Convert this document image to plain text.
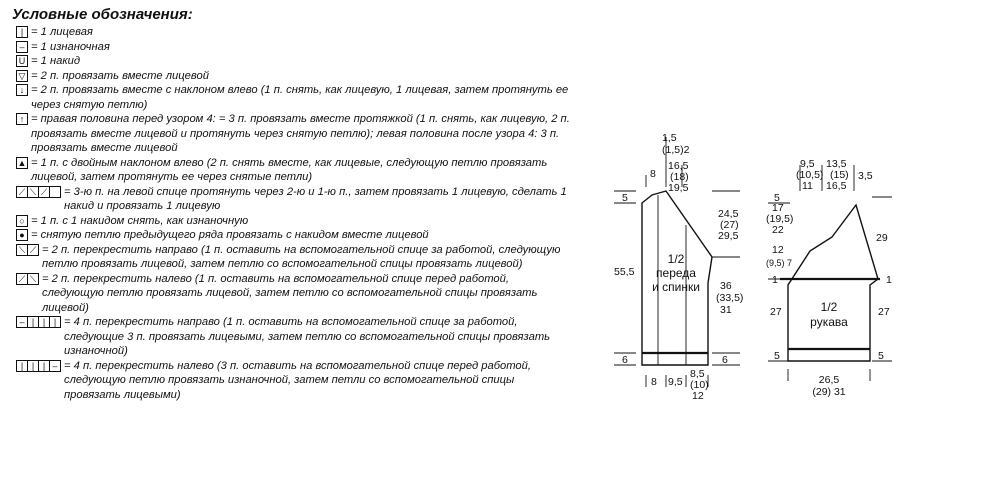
Условные обозначения:
| = 1 лицевая
– = 1 изнаночная
U = 1 накид
▽ = 2 п. провязать вместе лицевой
↓ = 2 п. провязать вместе с наклоном влево (1 п. снять, как лицевую, 1 лицевая, затем протянуть ее через снятую петлю)
↑ = правая половина перед узором 4: = 3 п. провязать вместе протяжкой (1 п. снять, как лицевую, 2 п. провязать вместе лицевой и протянуть через снятую петлю); левая половина после узора 4: 3 п. провязать вместе лицевой
▲ = 1 п. с двойным наклоном влево (2 п. снять вместе, как лицевые, следующую петлю провязать лицевой, затем протянуть ее через снятые петли)
⟋ ⟍ ⟋ = 3-ю п. на левой спице протянуть через 2-ю и 1-ю п., затем провязать 1 лицевую, сделать 1 накид и провязать 1 лицевую
○ = 1 п. с 1 накидом снять, как изнаночную
● = снятую петлю предыдущего ряда провязать с накидом вместе лицевой
⟍ ⟋ = 2 п. перекрестить направо (1 п. оставить на вспомогательной спице за работой, следующую петлю провязать лицевой, затем петлю со вспомогательной спицы провязать лицевой)
⟋ ⟍ = 2 п. перекрестить налево (1 п. оставить на вспомогательной спице перед работой, следующую петлю провязать лицевой, затем петлю со вспомогательной спицы провязать лицевой)
– | | | = 4 п. перекрестить направо (1 п. оставить на вспомогательной спице за работой, следующие 3 п. провязать лицевыми, затем петлю со вспомогательной спицы провязать изнаночной)
| | | – = 4 п. перекрестить налево (3 п. оставить на вспомогательной спице перед работой, следующую петлю провязать изнаночной, затем петли со вспомогательной спицы провязать лицевыми)
1/2
переда
и спинки
1,5
(1,5)2
8
16,5
(18)
19,5
5
24,5
(27)
29,5
55,5
36
(33,5)
31
6	6
8 9,5
8,5
(10)
12
1/2
рукава
9,5
(10,5)
11
13,5
(15)
16,5
3,5
5
17
(19,5)
22
29
12
(9,5) 7
1	1
27	27
5	5
26,5
(29) 31
